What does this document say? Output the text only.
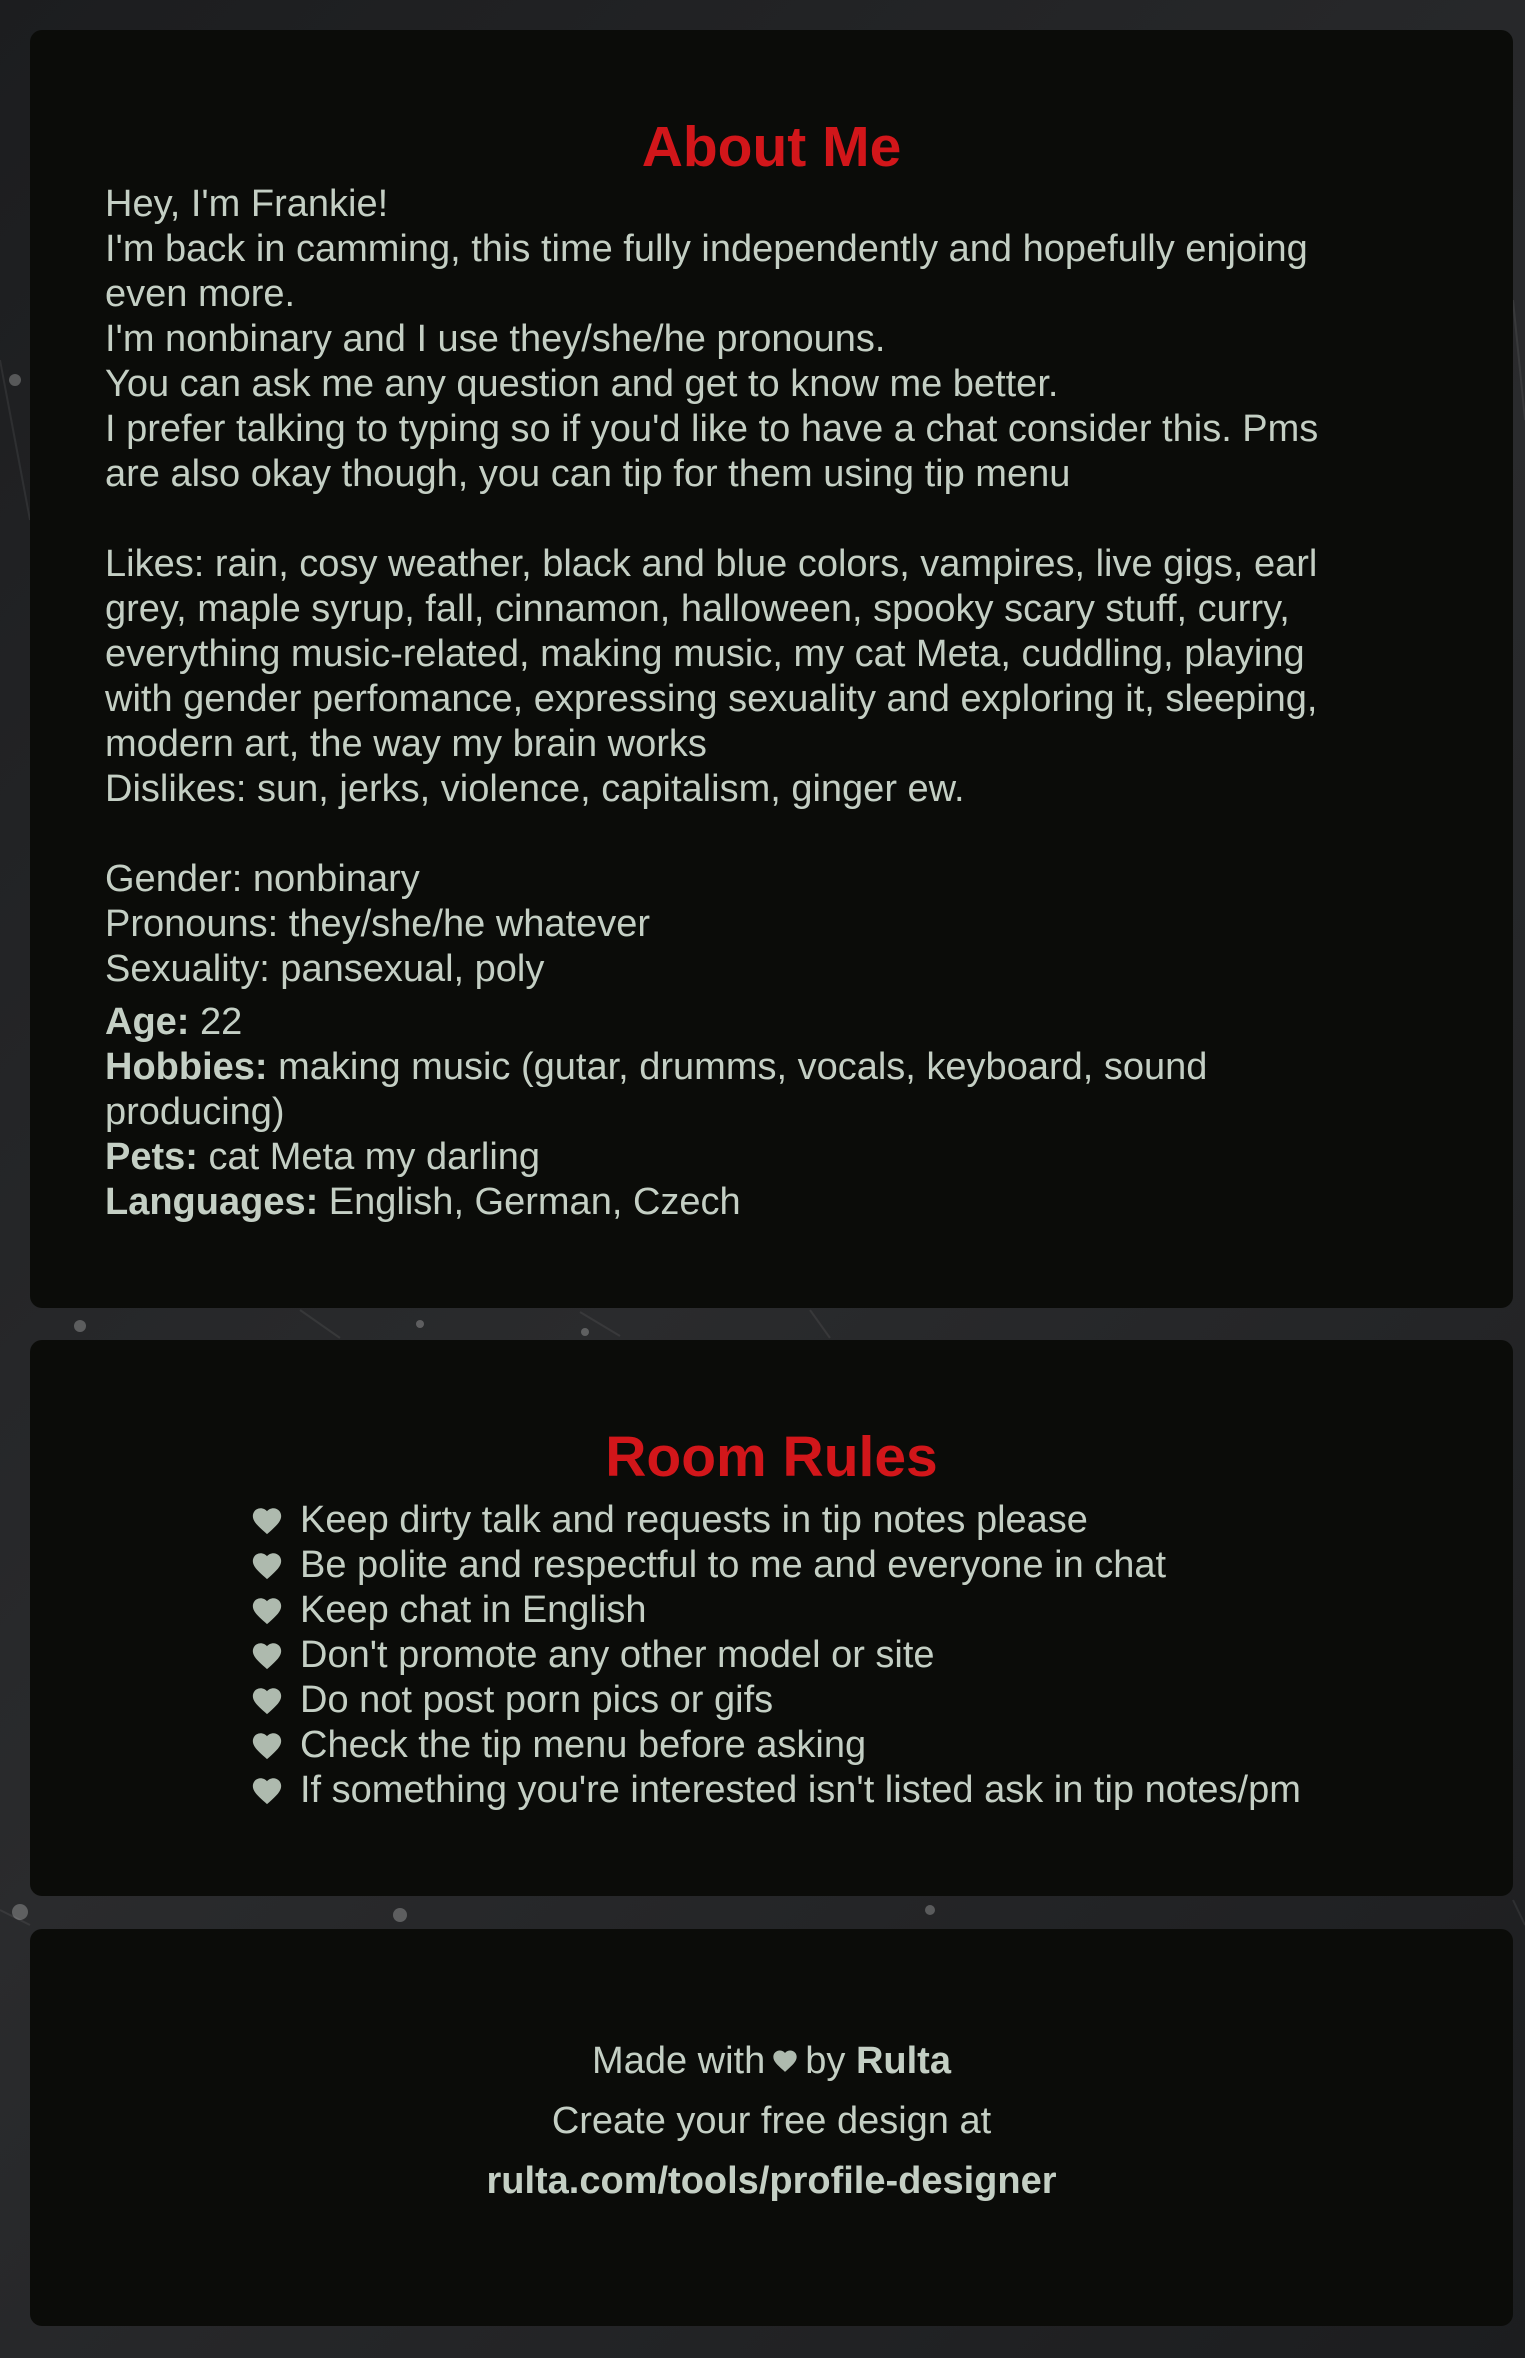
About Me
Hey, I'm Frankie!
I'm back in camming, this time fully independently and hopefully enjoing
even more.
I'm nonbinary and I use they/she/he pronouns.
You can ask me any question and get to know me better.
I prefer talking to typing so if you'd like to have a chat consider this. Pms
are also okay though, you can tip for them using tip menu
Likes: rain, cosy weather, black and blue colors, vampires, live gigs, earl
grey, maple syrup, fall, cinnamon, halloween, spooky scary stuff, curry,
everything music-related, making music, my cat Meta, cuddling, playing
with gender perfomance, expressing sexuality and exploring it, sleeping,
modern art, the way my brain works
Dislikes: sun, jerks, violence, capitalism, ginger ew.
Gender: nonbinary
Pronouns: they/she/he whatever
Sexuality: pansexual, poly
Age: 22
Hobbies: making music (gutar, drumms, vocals, keyboard, sound
producing)
Pets: cat Meta my darling
Languages: English, German, Czech
Room Rules
Keep dirty talk and requests in tip notes please
Be polite and respectful to me and everyone in chat
Keep chat in English
Don't promote any other model or site
Do not post porn pics or gifs
Check the tip menu before asking
If something you're interested isn't listed ask in tip notes/pm
Made with by Rulta
Create your free design at
rulta.com/tools/profile-designer
